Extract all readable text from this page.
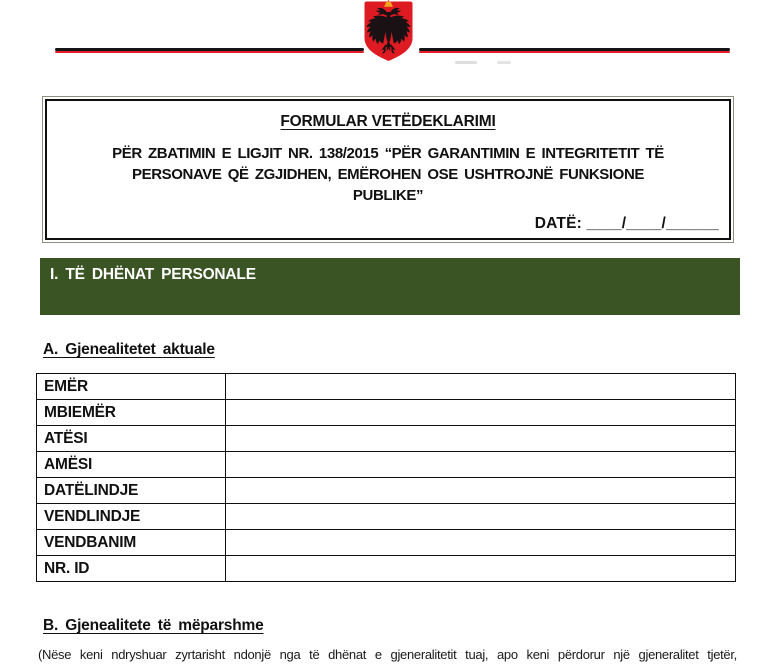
FORMULAR VETËDEKLARIMI
PËR ZBATIMIN E LIGJIT NR. 138/2015 “PËR GARANTIMIN E INTEGRITETIT TË
PERSONAVE QË ZGJIDHEN, EMËROHEN OSE USHTROJNË FUNKSIONE
PUBLIKE”
DATË: ____/____/______
I. TË DHËNAT PERSONALE
A. Gjenealitetet aktuale
EMËR	
MBIEMËR	
ATËSI	
AMËSI	
DATËLINDJE	
VENDLINDJE	
VENDBANIM	
NR. ID	
B. Gjenealitete të mëparshme
(Nëse keni ndryshuar zyrtarisht ndonjë nga të dhënat e gjeneralitetit tuaj, apo keni përdorur një gjeneralitet tjetër,
